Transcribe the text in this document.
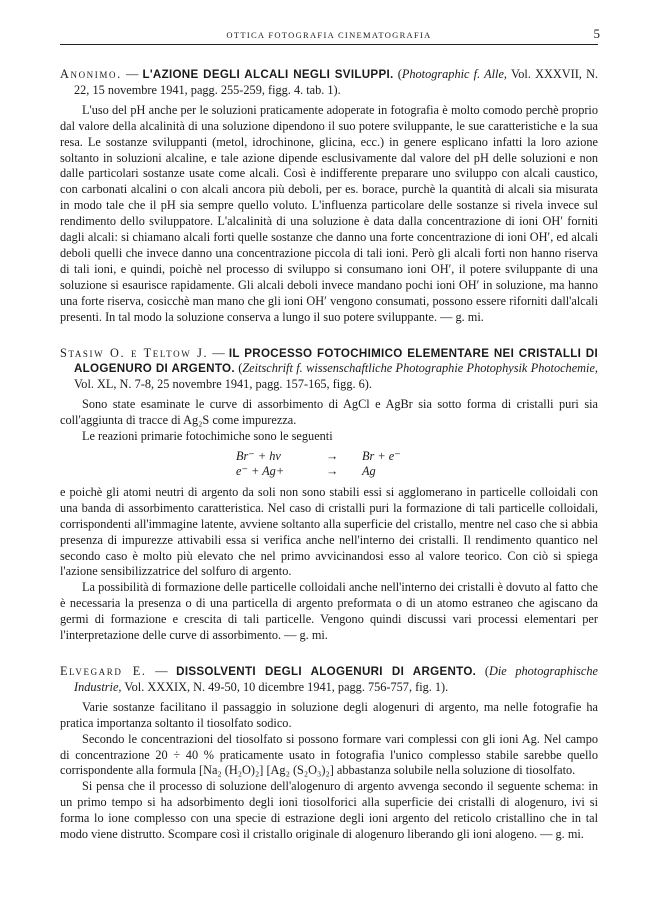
OTTICA FOTOGRAFIA CINEMATOGRAFIA	5

Anonimo. — L'AZIONE DEGLI ALCALI NEGLI SVILUPPI. (Photographic f. Alle, Vol. XXXVII, N. 22, 15 novembre 1941, pagg. 255-259, figg. 4. tab. 1).

L'uso del pH anche per le soluzioni praticamente adoperate in fotografia è molto comodo perchè proprio dal valore della alcalinità di una soluzione dipendono il suo potere sviluppante, le sue caratteristiche e la sua resa. Le sostanze sviluppanti (metol, idrochinone, glicina, ecc.) in genere esplicano infatti la loro azione soltanto in soluzioni alcaline, e tale azione dipende esclusivamente dal valore del pH delle soluzioni e non dalle particolari sostanze usate come alcali. Così è indifferente preparare uno sviluppo con alcali caustico, con carbonati alcalini o con alcali ancora più deboli, per es. borace, purchè la quantità di alcali sia misurata in modo tale che il pH sia sempre quello voluto. L'influenza particolare delle sostanze si rivela invece sul rendimento dello sviluppatore. L'alcalinità di una soluzione è data dalla concentrazione di ioni OH′ forniti dagli alcali: si chiamano alcali forti quelle sostanze che danno una forte concentrazione di ioni OH′, ed alcali deboli quelli che invece danno una concentrazione piccola di tali ioni. Però gli alcali forti non hanno riserva di tali ioni, e quindi, poichè nel processo di sviluppo si consumano ioni OH′, il potere sviluppante di una soluzione si esaurisce rapidamente. Gli alcali deboli invece mandano pochi ioni OH′ in soluzione, ma hanno una forte riserva, cosicchè man mano che gli ioni OH′ vengono consumati, possono essere riforniti dall'alcali presenti. In tal modo la soluzione conserva a lungo il suo potere sviluppante. — g. mi.

Stasiw O. e Teltow J. — IL PROCESSO FOTOCHIMICO ELEMENTARE NEI CRISTALLI DI ALOGENURO DI ARGENTO. (Zeitschrift f. wissenschaftliche Photographie Photophysik Photochemie, Vol. XL, N. 7-8, 25 novembre 1941, pagg. 157-165, figg. 6).

Sono state esaminate le curve di assorbimento di AgCl e AgBr sia sotto forma di cristalli puri sia coll'aggiunta di tracce di Ag₂S come impurezza.

Le reazioni primarie fotochimiche sono le seguenti

Br⁻ + hν	→	Br + e⁻
e⁻ + Ag+	→	Ag

e poichè gli atomi neutri di argento da soli non sono stabili essi si agglomerano in particelle colloidali con una banda di assorbimento caratteristica. Nel caso di cristalli puri la formazione di tali particelle colloidali, corrispondenti all'immagine latente, avviene soltanto alla superficie del cristallo, mentre nel caso che si abbia presenza di impurezze attivabili essa si verifica anche nell'interno dei cristalli. Il rendimento quantico nel secondo caso è molto più elevato che nel primo avvicinandosi esso al valore teorico. Con ciò si spiega l'azione sensibilizzatrice del solfuro di argento.

La possibilità di formazione delle particelle colloidali anche nell'interno dei cristalli è dovuto al fatto che è necessaria la presenza o di una particella di argento preformata o di un atomo estraneo che agiscano da germi di formazione e crescita di tali particelle. Vengono quindi discussi vari processi elementari per l'interpretazione delle curve di assorbimento. — g. mi.

Elvegard E. — DISSOLVENTI DEGLI ALOGENURI DI ARGENTO. (Die photographische Industrie, Vol. XXXIX, N. 49-50, 10 dicembre 1941, pagg. 756-757, fig. 1).

Varie sostanze facilitano il passaggio in soluzione degli alogenuri di argento, ma nelle fotografie ha pratica importanza soltanto il tiosolfato sodico.

Secondo le concentrazioni del tiosolfato si possono formare vari complessi con gli ioni Ag. Nel campo di concentrazione 20 ÷ 40 % praticamente usato in fotografia l'unico complesso stabile sarebbe quello corrispondente alla formula [Na₂ (H₂O)₂] [Ag₂ (S₂O₃)₂] abbastanza solubile nella soluzione di tiosolfato.

Si pensa che il processo di soluzione dell'alogenuro di argento avvenga secondo il seguente schema: in un primo tempo si ha adsorbimento degli ioni tiosolforici alla superficie dei cristalli di alogenuro, ivi si forma lo ione complesso con una specie di estrazione degli ioni argento del reticolo cristallino che in tal modo viene distrutto. Scompare così il cristallo originale di alogenuro liberando gli ioni alogeno. — g. mi.
